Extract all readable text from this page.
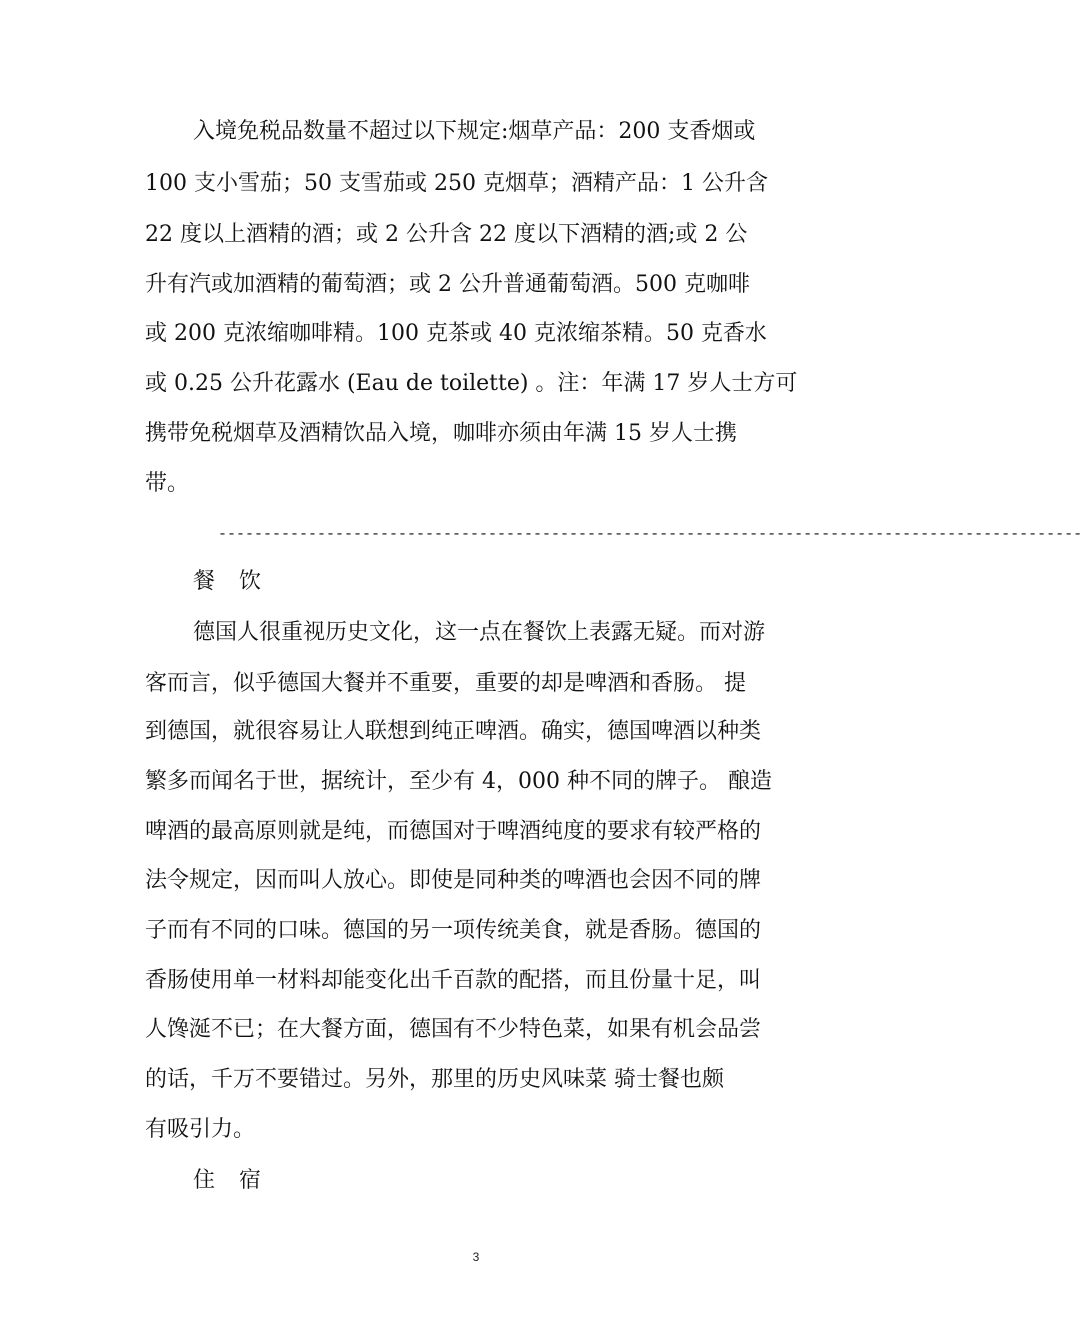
入境免税品数量不超过以下规定:烟草产品：200 支香烟或
100 支小雪茄；50 支雪茄或 250 克烟草；酒精产品：1 公升含
22 度以上酒精的酒；或 2 公升含 22 度以下酒精的酒;或 2 公
升有汽或加酒精的葡萄酒；或 2 公升普通葡萄酒。500 克咖啡
或 200 克浓缩咖啡精。100 克茶或 40 克浓缩茶精。50 克香水
或 0.25 公升花露水 (Eau de toilette) 。注：年满 17 岁人士方可
携带免税烟草及酒精饮品入境，咖啡亦须由年满 15 岁人士携
带。
------------------------------------------------------------------------------------------------
餐饮
德国人很重视历史文化，这一点在餐饮上表露无疑。而对游
客而言，似乎德国大餐并不重要，重要的却是啤酒和香肠。 提
到德国，就很容易让人联想到纯正啤酒。确实，德国啤酒以种类
繁多而闻名于世，据统计，至少有 4，000 种不同的牌子。 酿造
啤酒的最高原则就是纯，而德国对于啤酒纯度的要求有较严格的
法令规定，因而叫人放心。即使是同种类的啤酒也会因不同的牌
子而有不同的口味。德国的另一项传统美食，就是香肠。德国的
香肠使用单一材料却能变化出千百款的配搭，而且份量十足，叫
人馋涎不已；在大餐方面，德国有不少特色菜，如果有机会品尝
的话，千万不要错过。另外，那里的历史风味菜 骑士餐也颇
有吸引力。
住宿
3
